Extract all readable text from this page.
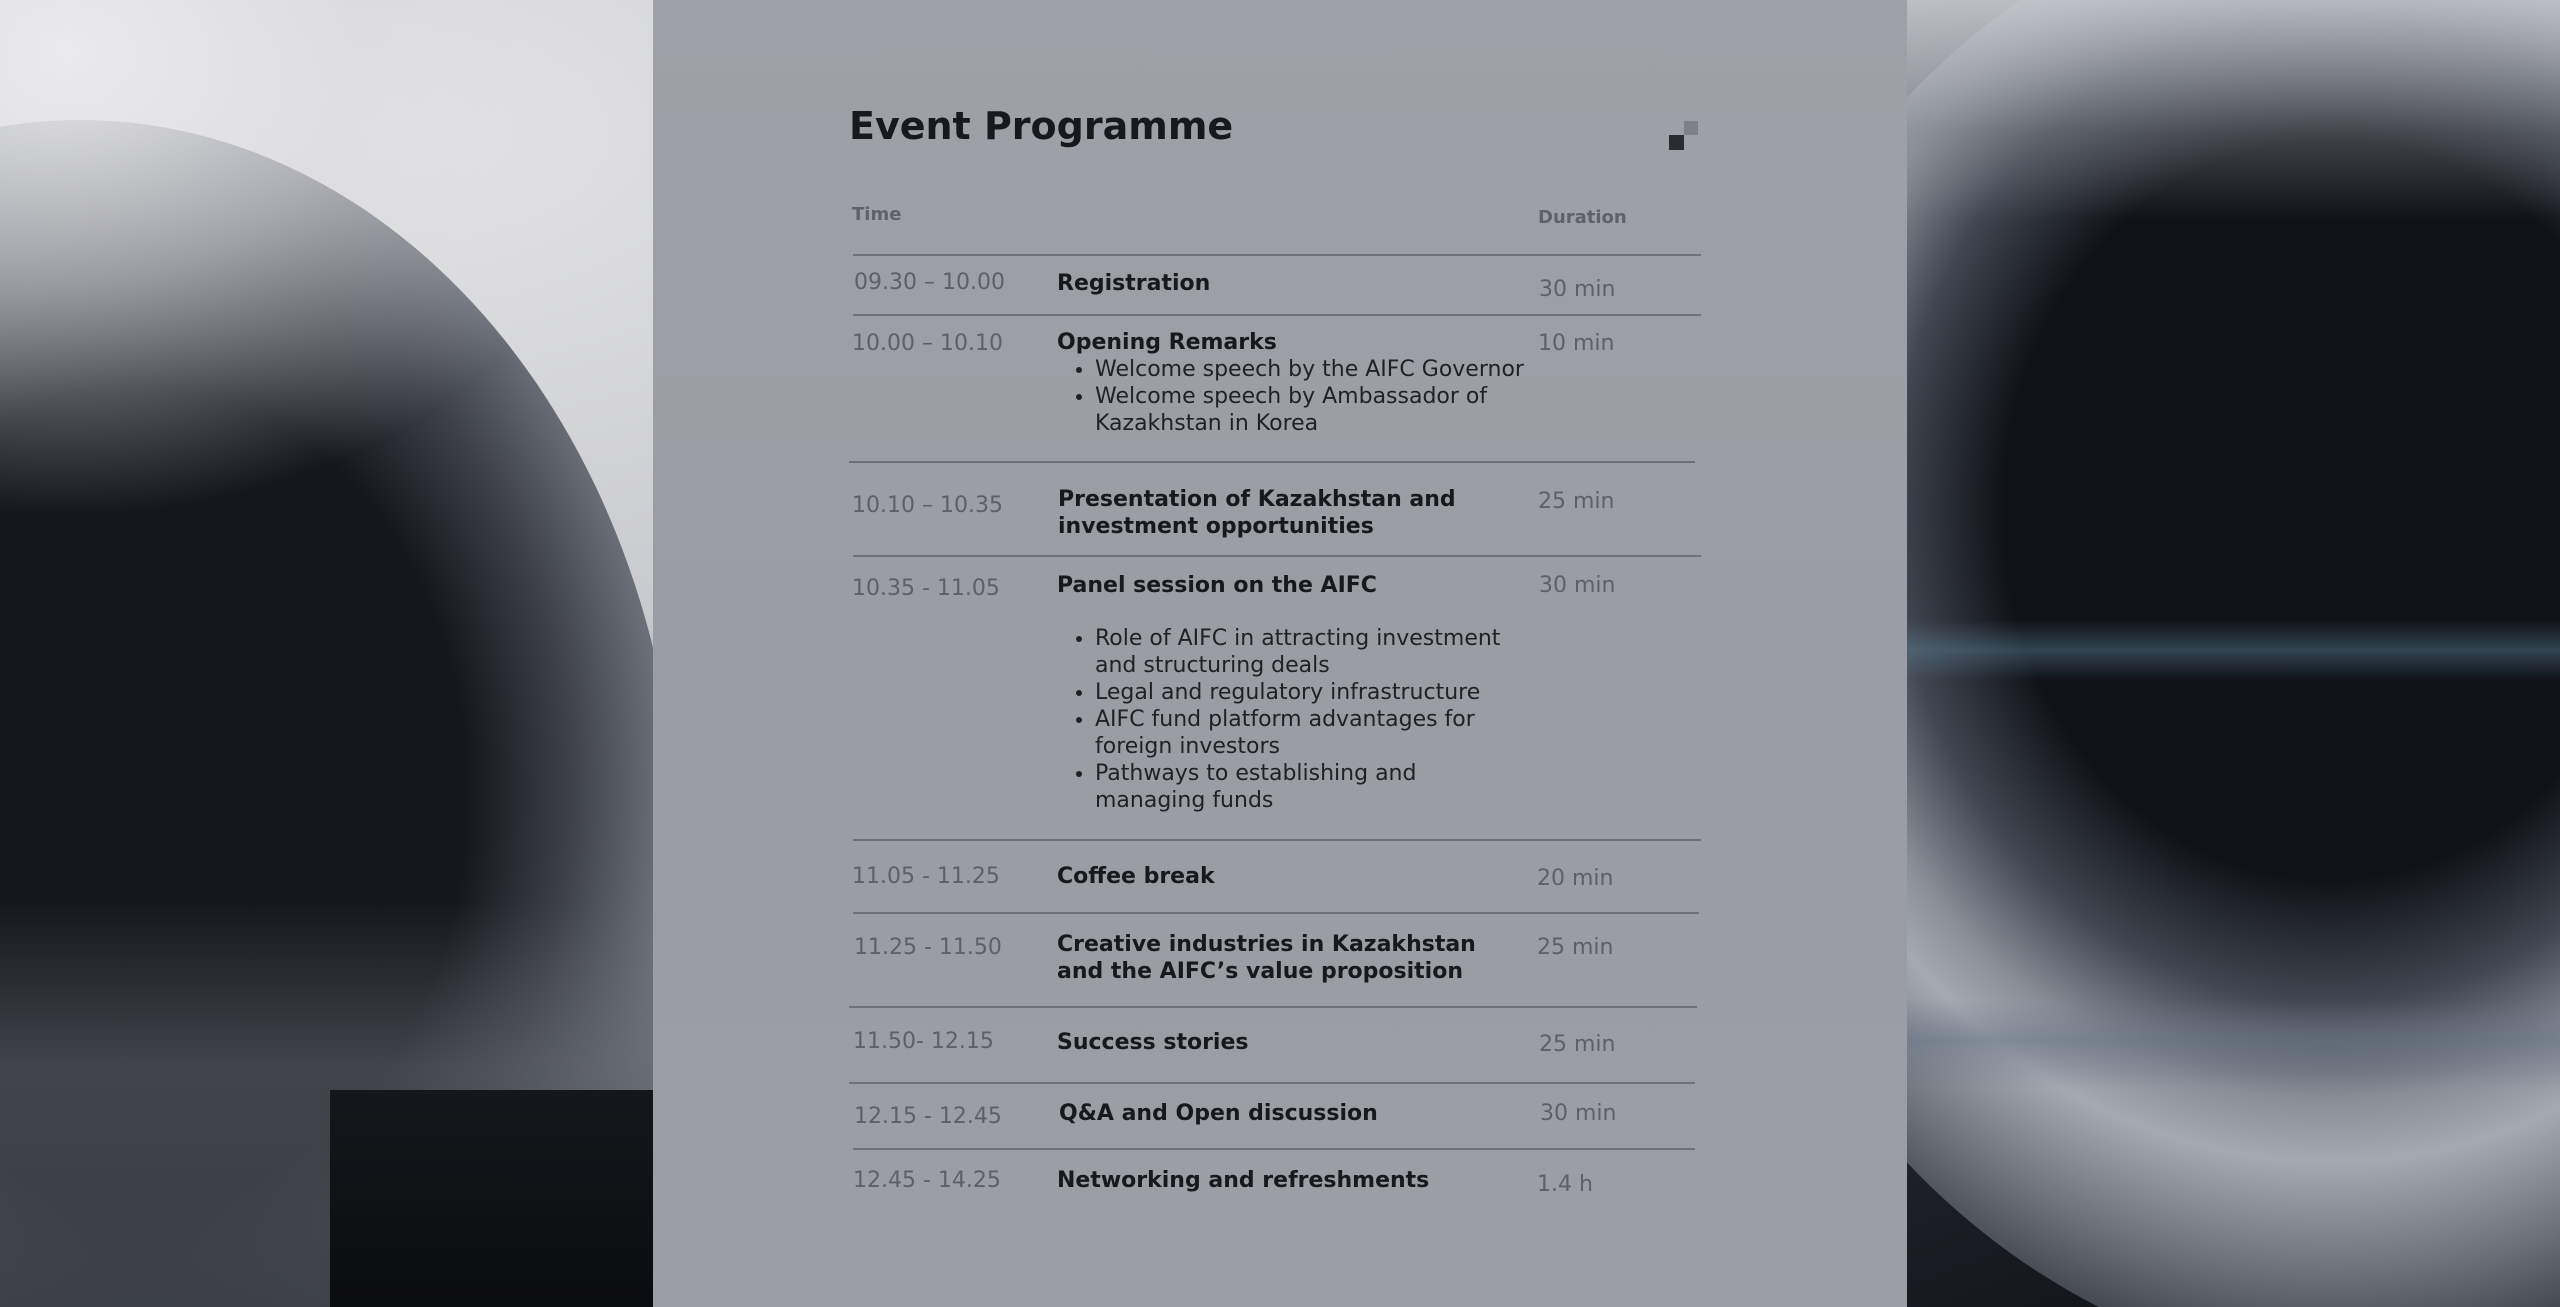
Event Programme
Time	Duration
09.30 – 10.00 Registration	30 min
10.00 – 10.10 Opening Remarks
• Welcome speech by the AIFC Governor
• Welcome speech by Ambassador of Kazakhstan in Korea
10 min
10.10 – 10.35	Presentation of Kazakhstan and investment opportunities
25 min
10.35 - 11.05	Panel session on the AIFC
• Role of AIFC in attracting investment and structuring deals
• Legal and regulatory infrastructure
• AIFC fund platform advantages for foreign investors
• Pathways to establishing and managing funds
30 min
11.05 - 11.25	Coffee break	20 min
11.25 - 11.50	Creative industries in Kazakhstan and the AIFC’s value proposition
25 min
11.50- 12.15	Success stories	25 min
12.15 - 12.45	Q&A and Open discussion	30 min
12.45 - 14.25	Networking and refreshments	1.4 h
